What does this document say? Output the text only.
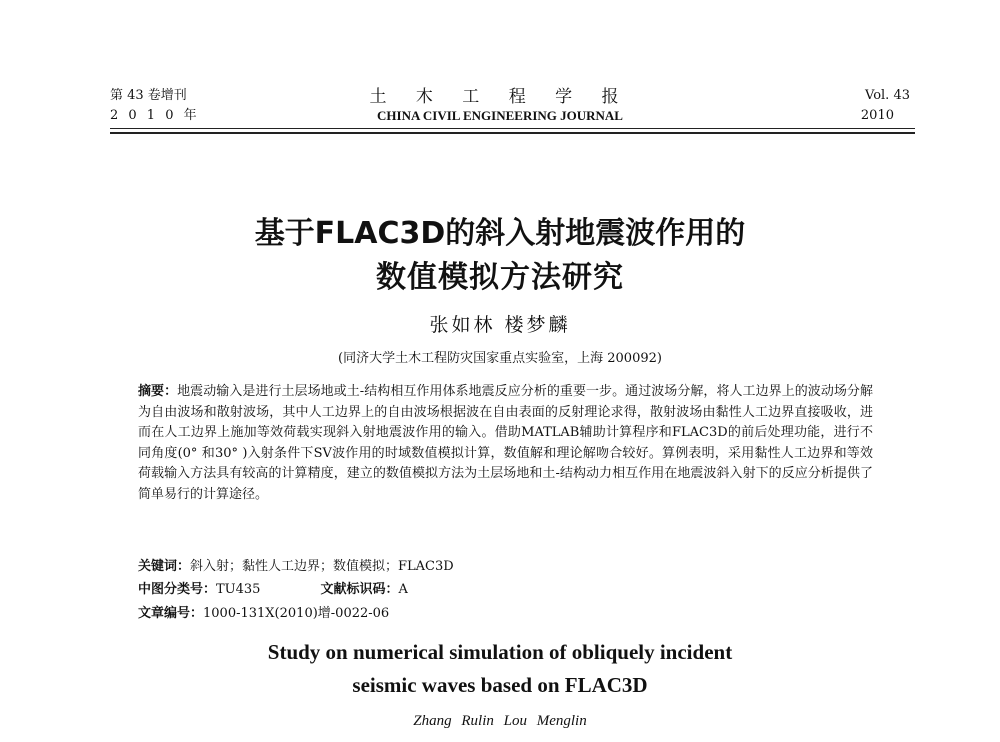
第 43 卷增刊
2 0 1 0 年
土 木 工 程 学 报
CHINA CIVIL ENGINEERING JOURNAL
Vol. 43
2010
基于FLAC3D的斜入射地震波作用的
数值模拟方法研究
张如林 楼梦麟
(同济大学土木工程防灾国家重点实验室，上海 200092)
摘要：地震动输入是进行土层场地或土-结构相互作用体系地震反应分析的重要一步。通过波场分解，将人工边界上的波动场分解为自由波场和散射波场，其中人工边界上的自由波场根据波在自由表面的反射理论求得，散射波场由黏性人工边界直接吸收，进而在人工边界上施加等效荷载实现斜入射地震波作用的输入。借助MATLAB辅助计算程序和FLAC3D的前后处理功能，进行不同角度(0° 和30° )入射条件下SV波作用的时域数值模拟计算，数值解和理论解吻合较好。算例表明，采用黏性人工边界和等效荷载输入方法具有较高的计算精度，建立的数值模拟方法为土层场地和土-结构动力相互作用在地震波斜入射下的反应分析提供了简单易行的计算途径。
关键词：斜入射；黏性人工边界；数值模拟；FLAC3D
中图分类号：TU435	文献标识码：A
文章编号：1000-131X(2010)增-0022-06
Study on numerical simulation of obliquely incident
seismic waves based on FLAC3D
Zhang Rulin Lou Menglin
